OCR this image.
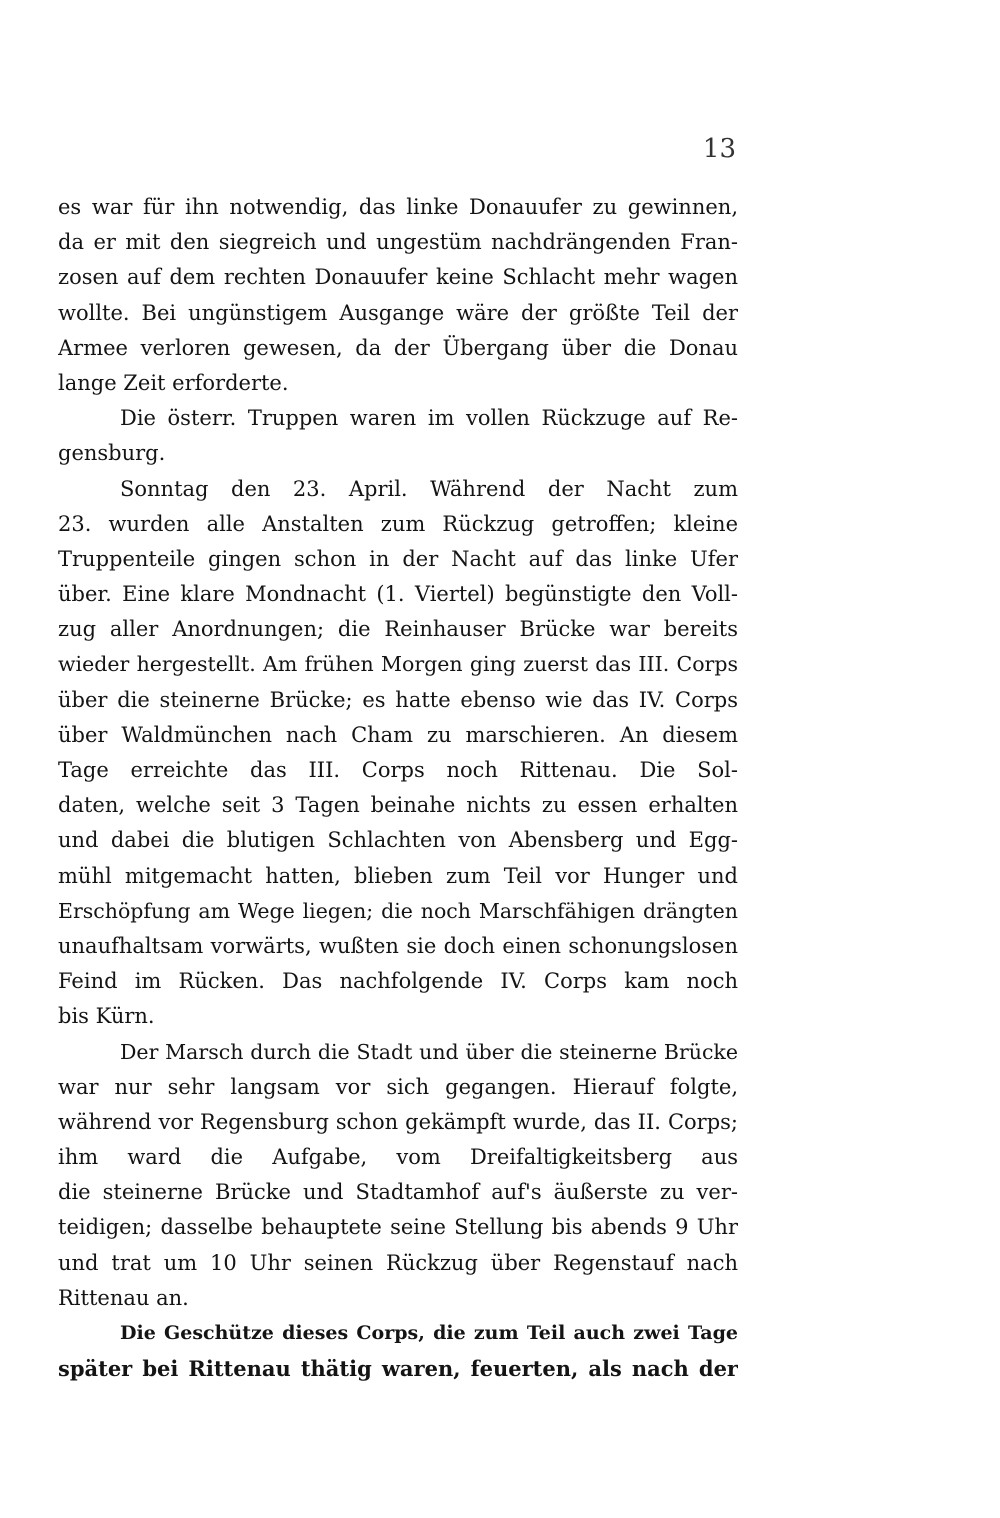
13
es war für ihn notwendig, das linke Donauufer zu gewinnen,
da er mit den siegreich und ungestüm nachdrängenden Fran-
zosen auf dem rechten Donauufer keine Schlacht mehr wagen
wollte. Bei ungünstigem Ausgange wäre der größte Teil der
Armee verloren gewesen, da der Übergang über die Donau
lange Zeit erforderte.
Die österr. Truppen waren im vollen Rückzuge auf Re-
gensburg.
Sonntag den 23. April. Während der Nacht zum
23. wurden alle Anstalten zum Rückzug getroffen; kleine
Truppenteile gingen schon in der Nacht auf das linke Ufer
über. Eine klare Mondnacht (1. Viertel) begünstigte den Voll-
zug aller Anordnungen; die Reinhauser Brücke war bereits
wieder hergestellt. Am frühen Morgen ging zuerst das III. Corps
über die steinerne Brücke; es hatte ebenso wie das IV. Corps
über Waldmünchen nach Cham zu marschieren. An diesem
Tage erreichte das III. Corps noch Rittenau. Die Sol-
daten, welche seit 3 Tagen beinahe nichts zu essen erhalten
und dabei die blutigen Schlachten von Abensberg und Egg-
mühl mitgemacht hatten, blieben zum Teil vor Hunger und
Erschöpfung am Wege liegen; die noch Marschfähigen drängten
unaufhaltsam vorwärts, wußten sie doch einen schonungslosen
Feind im Rücken. Das nachfolgende IV. Corps kam noch
bis Kürn.
Der Marsch durch die Stadt und über die steinerne Brücke
war nur sehr langsam vor sich gegangen. Hierauf folgte,
während vor Regensburg schon gekämpft wurde, das II. Corps;
ihm ward die Aufgabe, vom Dreifaltigkeitsberg aus
die steinerne Brücke und Stadtamhof auf's äußerste zu ver-
teidigen; dasselbe behauptete seine Stellung bis abends 9 Uhr
und trat um 10 Uhr seinen Rückzug über Regenstauf nach
Rittenau an.
Die Geschütze dieses Corps, die zum Teil auch zwei Tage
später bei Rittenau thätig waren, feuerten, als nach der
